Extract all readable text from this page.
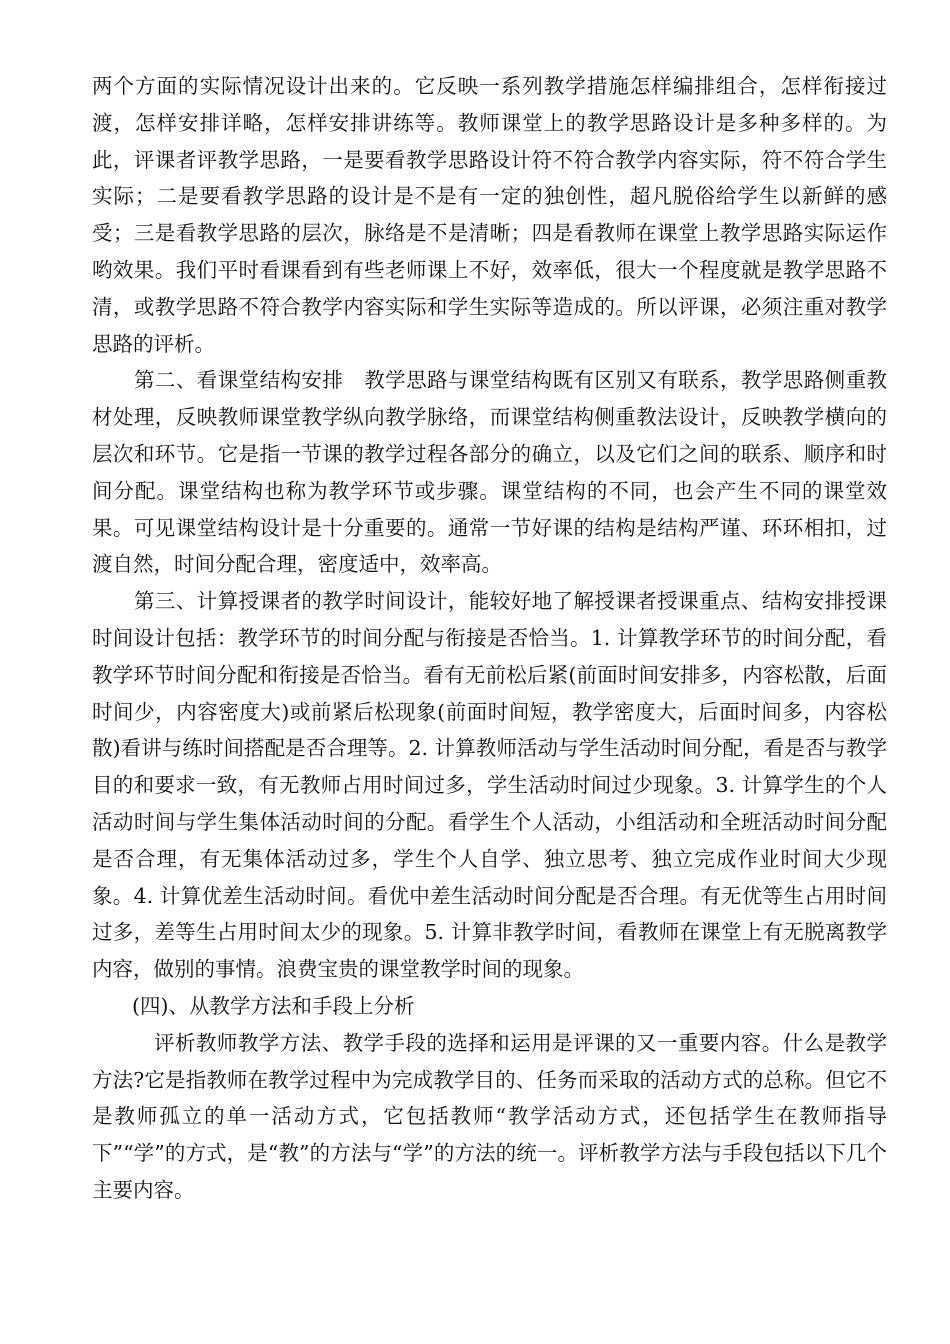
两个方面的实际情况设计出来的。它反映一系列教学措施怎样编排组合，怎样衔接过渡，怎样安排详略，怎样安排讲练等。教师课堂上的教学思路设计是多种多样的。为此，评课者评教学思路，一是要看教学思路设计符不符合教学内容实际，符不符合学生实际；二是要看教学思路的设计是不是有一定的独创性，超凡脱俗给学生以新鲜的感受；三是看教学思路的层次，脉络是不是清晰；四是看教师在课堂上教学思路实际运作哟效果。我们平时看课看到有些老师课上不好，效率低，很大一个程度就是教学思路不清，或教学思路不符合教学内容实际和学生实际等造成的。所以评课，必须注重对教学思路的评析。

第二、看课堂结构安排　教学思路与课堂结构既有区别又有联系，教学思路侧重教材处理，反映教师课堂教学纵向教学脉络，而课堂结构侧重教法设计，反映教学横向的层次和环节。它是指一节课的教学过程各部分的确立，以及它们之间的联系、顺序和时间分配。课堂结构也称为教学环节或步骤。课堂结构的不同，也会产生不同的课堂效果。可见课堂结构设计是十分重要的。通常一节好课的结构是结构严谨、环环相扣，过渡自然，时间分配合理，密度适中，效率高。

第三、计算授课者的教学时间设计，能较好地了解授课者授课重点、结构安排授课时间设计包括：教学环节的时间分配与衔接是否恰当。1. 计算教学环节的时间分配，看教学环节时间分配和衔接是否恰当。看有无前松后紧(前面时间安排多，内容松散，后面时间少，内容密度大)或前紧后松现象(前面时间短，教学密度大，后面时间多，内容松散)看讲与练时间搭配是否合理等。2. 计算教师活动与学生活动时间分配，看是否与教学目的和要求一致，有无教师占用时间过多，学生活动时间过少现象。3. 计算学生的个人活动时间与学生集体活动时间的分配。看学生个人活动，小组活动和全班活动时间分配是否合理，有无集体活动过多，学生个人自学、独立思考、独立完成作业时间大少现象。4. 计算优差生活动时间。看优中差生活动时间分配是否合理。有无优等生占用时间过多，差等生占用时间太少的现象。5. 计算非教学时间，看教师在课堂上有无脱离教学内容，做别的事情。浪费宝贵的课堂教学时间的现象。

(四)、从教学方法和手段上分析

评析教师教学方法、教学手段的选择和运用是评课的又一重要内容。什么是教学方法?它是指教师在教学过程中为完成教学目的、任务而采取的活动方式的总称。但它不是教师孤立的单一活动方式，它包括教师“教学活动方式，还包括学生在教师指导下”“学”的方式，是“教”的方法与“学”的方法的统一。评析教学方法与手段包括以下几个主要内容。
